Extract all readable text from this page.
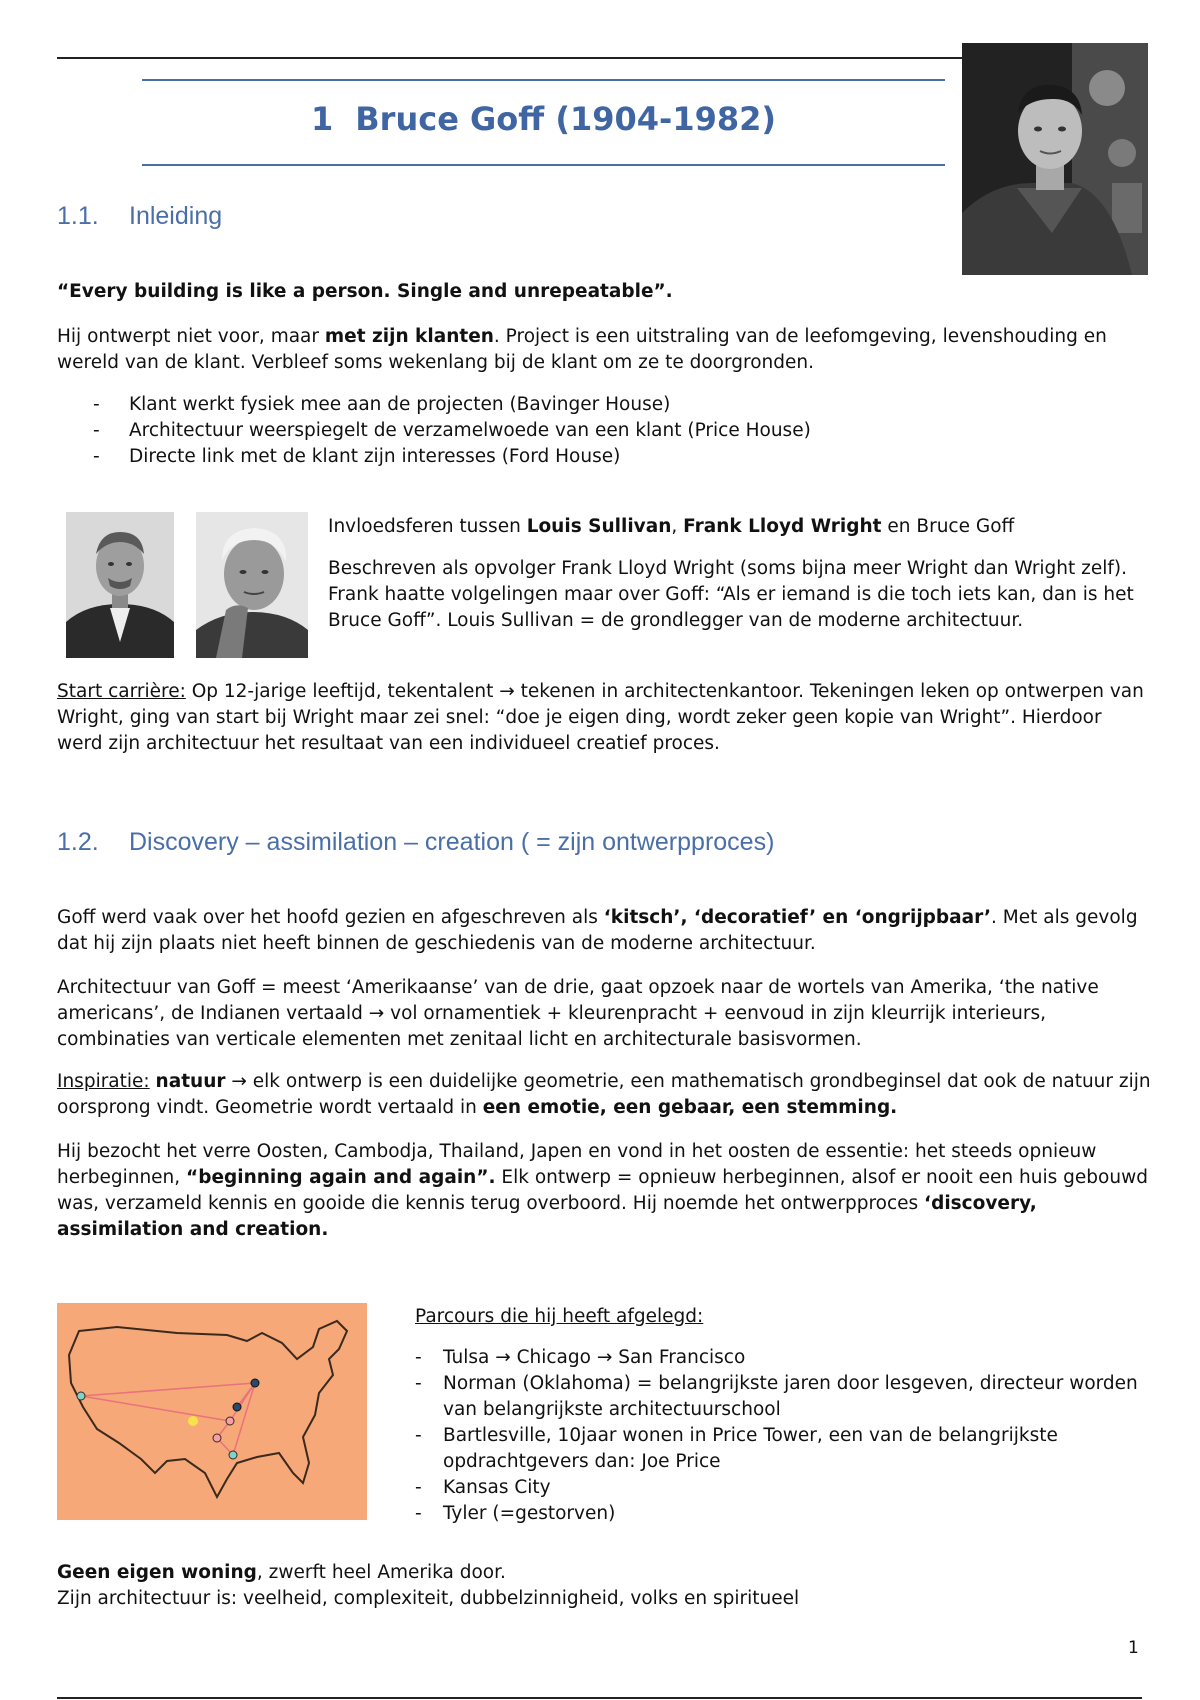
1 Bruce Goff (1904-1982)
1.1. Inleiding

“Every building is like a person. Single and unrepeatable”.

Hij ontwerpt niet voor, maar met zijn klanten. Project is een uitstraling van de leefomgeving, levenshouding en wereld van de klant. Verbleef soms wekenlang bij de klant om ze te doorgronden.

- Klant werkt fysiek mee aan de projecten (Bavinger House)
- Architectuur weerspiegelt de verzamelwoede van een klant (Price House)
- Directe link met de klant zijn interesses (Ford House)

Invloedsferen tussen Louis Sullivan, Frank Lloyd Wright en Bruce Goff

Beschreven als opvolger Frank Lloyd Wright (soms bijna meer Wright dan Wright zelf). Frank haatte volgelingen maar over Goff: “Als er iemand is die toch iets kan, dan is het Bruce Goff”. Louis Sullivan = de grondlegger van de moderne architectuur.

Start carrière: Op 12-jarige leeftijd, tekentalent → tekenen in architectenkantoor. Tekeningen leken op ontwerpen van Wright, ging van start bij Wright maar zei snel: “doe je eigen ding, wordt zeker geen kopie van Wright”. Hierdoor werd zijn architectuur het resultaat van een individueel creatief proces.

1.2. Discovery – assimilation – creation ( = zijn ontwerpproces)

Goff werd vaak over het hoofd gezien en afgeschreven als ‘kitsch’, ‘decoratief’ en ‘ongrijpbaar’. Met als gevolg dat hij zijn plaats niet heeft binnen de geschiedenis van de moderne architectuur.

Architectuur van Goff = meest ‘Amerikaanse’ van de drie, gaat opzoek naar de wortels van Amerika, ‘the native americans’, de Indianen vertaald → vol ornamentiek + kleurenpracht + eenvoud in zijn kleurrijk interieurs, combinaties van verticale elementen met zenitaal licht en architecturale basisvormen.

Inspiratie: natuur → elk ontwerp is een duidelijke geometrie, een mathematisch grondbeginsel dat ook de natuur zijn oorsprong vindt. Geometrie wordt vertaald in een emotie, een gebaar, een stemming.

Hij bezocht het verre Oosten, Cambodja, Thailand, Japen en vond in het oosten de essentie: het steeds opnieuw herbeginnen, “beginning again and again”. Elk ontwerp = opnieuw herbeginnen, alsof er nooit een huis gebouwd was, verzameld kennis en gooide die kennis terug overboord. Hij noemde het ontwerpproces ‘discovery, assimilation and creation.

Parcours die hij heeft afgelegd:

- Tulsa → Chicago → San Francisco
- Norman (Oklahoma) = belangrijkste jaren door lesgeven, directeur worden van belangrijkste architectuurschool
- Bartlesville, 10jaar wonen in Price Tower, een van de belangrijkste opdrachtgevers dan: Joe Price
- Kansas City
- Tyler (=gestorven)

Geen eigen woning, zwerft heel Amerika door.

Zijn architectuur is: veelheid, complexiteit, dubbelzinnigheid, volks en spiritueel

1
